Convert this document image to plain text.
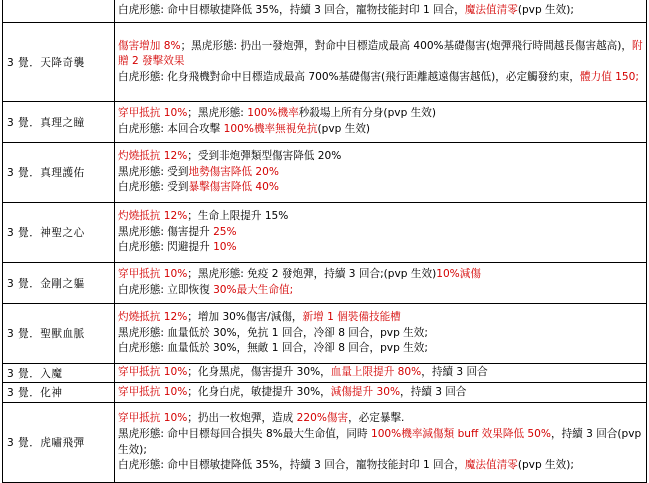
	白虎形態: 命中目標敏捷降低 35%，持續 3 回合，寵物技能封印 1 回合，魔法值清零(pvp 生效);

3 覺．天降奇襲	傷害增加 8%；黑虎形態: 扔出一發炮彈，對命中目標造成最高 400%基礎傷害(炮彈飛行時間越長傷害越高)，附贈 2 發擊效果
白虎形態: 化身飛機對命中目標造成最高 700%基礎傷害(飛行距離越遠傷害越低)，必定觸發約束，體力值 150;

3 覺．真理之瞳	穿甲抵抗 10%；黑虎形態: 100%機率秒殺場上所有分身(pvp 生效)
白虎形態: 本回合攻擊 100%機率無視免抗(pvp 生效)

3 覺．真理護佑	灼燒抵抗 12%；受到非炮彈類型傷害降低 20%
黑虎形態: 受到地勢傷害降低 20%
白虎形態: 受到暴擊傷害降低 40%

3 覺．神聖之心	灼燒抵抗 12%；生命上限提升 15%
黑虎形態: 傷害提升 25%
白虎形態: 閃避提升 10%

3 覺．金剛之軀	穿甲抵抗 10%；黑虎形態: 免疫 2 發炮彈，持續 3 回合;(pvp 生效)10%減傷
白虎形態: 立即恢復 30%最大生命值;

3 覺．聖獸血脈	灼燒抵抗 12%；增加 30%傷害/減傷，新增 1 個裝備技能槽
黑虎形態: 血量低於 30%，免抗 1 回合，冷卻 8 回合，pvp 生效;
白虎形態: 血量低於 30%，無敵 1 回合，冷卻 8 回合，pvp 生效;

3 覺．入魔	穿甲抵抗 10%；化身黑虎，傷害提升 30%，血量上限提升 80%，持續 3 回合

3 覺．化神	穿甲抵抗 10%；化身白虎，敏捷提升 30%，減傷提升 30%，持續 3 回合

3 覺．虎嘯飛彈	穿甲抵抗 10%；扔出一枚炮彈，造成 220%傷害，必定暴擊.
黑虎形態: 命中目標每回合損失 8%最大生命值，同時 100%機率減傷類 buff 效果降低 50%，持續 3 回合(pvp 生效);
白虎形態: 命中目標敏捷降低 35%，持續 3 回合，寵物技能封印 1 回合，魔法值清零(pvp 生效);
